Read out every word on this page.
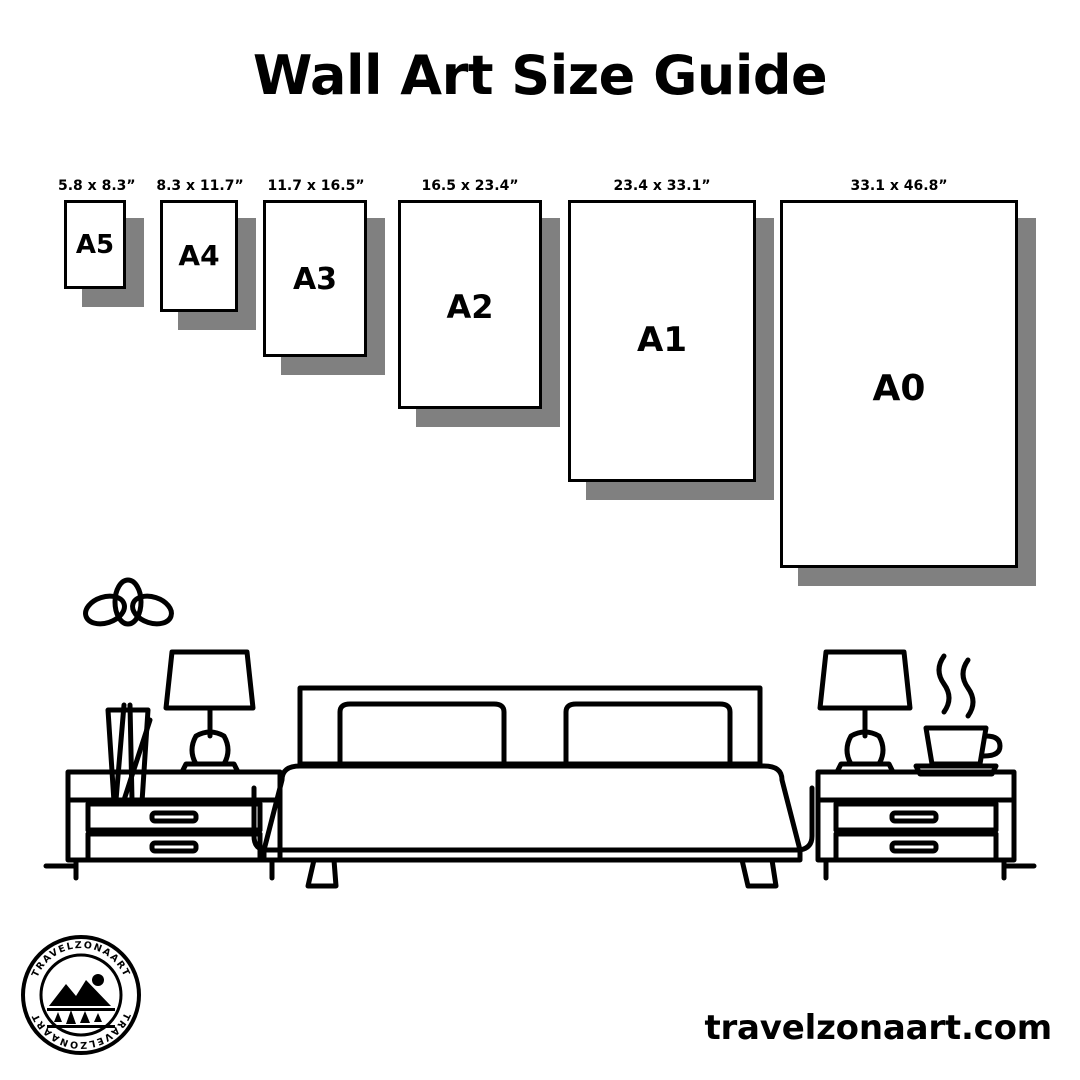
Wall Art Size Guide
A5
5.8 x 8.3”
A4
8.3 x 11.7”
A3
11.7 x 16.5”
A2
16.5 x 23.4”
A1
23.4 x 33.1”
A0
33.1 x 46.8”
TRAVELZONAART
TRAVELZONAART	travelzonaart.com
